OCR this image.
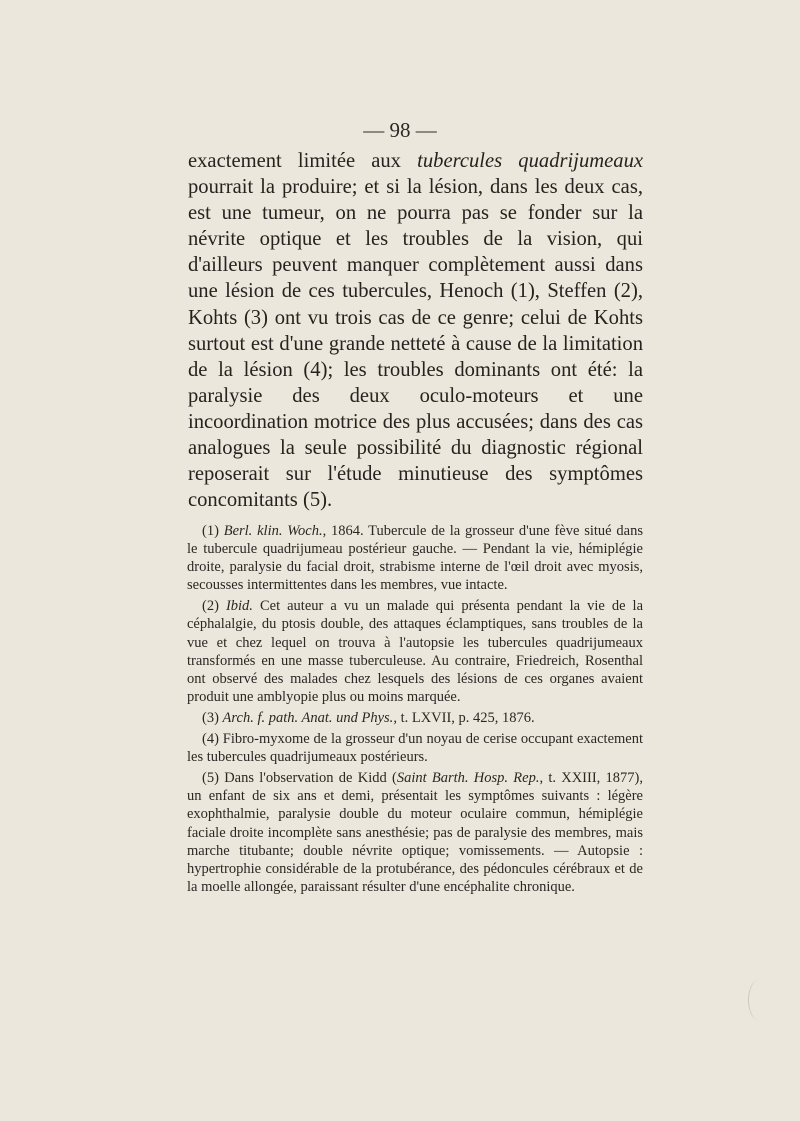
— 98 —

exactement limitée aux tubercules quadrijumeaux pourrait la produire; et si la lésion, dans les deux cas, est une tumeur, on ne pourra pas se fonder sur la névrite optique et les troubles de la vision, qui d'ailleurs peuvent manquer complètement aussi dans une lésion de ces tubercules, Henoch (1), Steffen (2), Kohts (3) ont vu trois cas de ce genre; celui de Kohts surtout est d'une grande netteté à cause de la limitation de la lésion (4); les troubles dominants ont été: la paralysie des deux oculo-moteurs et une incoordination motrice des plus accusées; dans des cas analogues la seule possibilité du diagnostic régional reposerait sur l'étude minutieuse des symptômes concomitants (5).

(1) Berl. klin. Woch., 1864. Tubercule de la grosseur d'une fève situé dans le tubercule quadrijumeau postérieur gauche. — Pendant la vie, hémiplégie droite, paralysie du facial droit, strabisme interne de l'œil droit avec myosis, secousses intermittentes dans les membres, vue intacte.

(2) Ibid. Cet auteur a vu un malade qui présenta pendant la vie de la céphalalgie, du ptosis double, des attaques éclamptiques, sans troubles de la vue et chez lequel on trouva à l'autopsie les tubercules quadrijumeaux transformés en une masse tuberculeuse. Au contraire, Friedreich, Rosenthal ont observé des malades chez lesquels des lésions de ces organes avaient produit une amblyopie plus ou moins marquée.

(3) Arch. f. path. Anat. und Phys., t. LXVII, p. 425, 1876.

(4) Fibro-myxome de la grosseur d'un noyau de cerise occupant exactement les tubercules quadrijumeaux postérieurs.

(5) Dans l'observation de Kidd (Saint Barth. Hosp. Rep., t. XXIII, 1877), un enfant de six ans et demi, présentait les symptômes suivants : légère exophthalmie, paralysie double du moteur oculaire commun, hémiplégie faciale droite incomplète sans anesthésie; pas de paralysie des membres, mais marche titubante; double névrite optique; vomissements. — Autopsie : hypertrophie considérable de la protubérance, des pédoncules cérébraux et de la moelle allongée, paraissant résulter d'une encéphalite chronique.
